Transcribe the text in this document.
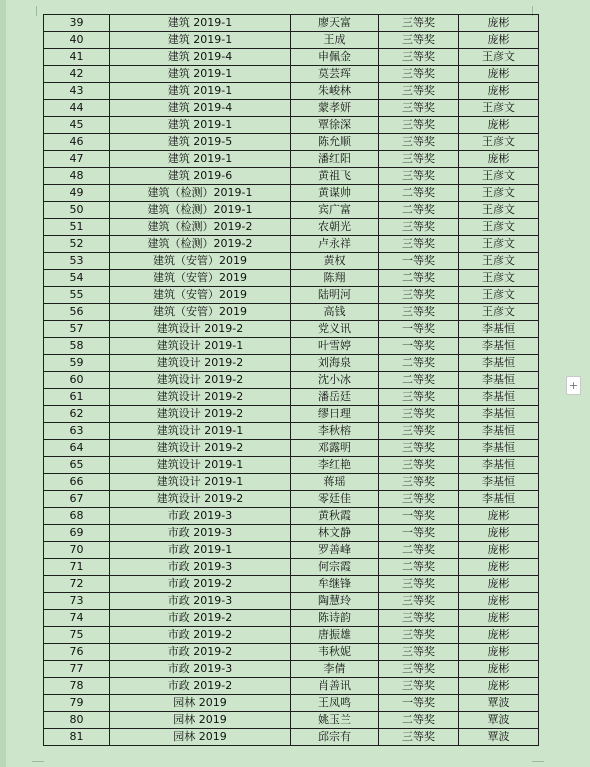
39	建筑 2019-1	廖天富	三等奖	庞彬
40	建筑 2019-1	王成	三等奖	庞彬
41	建筑 2019-4	申佩金	三等奖	王彦文
42	建筑 2019-1	莫芸珲	三等奖	庞彬
43	建筑 2019-1	朱峻林	三等奖	庞彬
44	建筑 2019-4	蒙孝妍	三等奖	王彦文
45	建筑 2019-1	覃徐深	三等奖	庞彬
46	建筑 2019-5	陈允顺	三等奖	王彦文
47	建筑 2019-1	潘红阳	三等奖	庞彬
48	建筑 2019-6	黄祖飞	三等奖	王彦文
49	建筑（检测）2019-1	黄谋帅	二等奖	王彦文
50	建筑（检测）2019-1	宾广富	二等奖	王彦文
51	建筑（检测）2019-2	农朝光	三等奖	王彦文
52	建筑（检测）2019-2	卢永祥	三等奖	王彦文
53	建筑（安管）2019	黄权	一等奖	王彦文
54	建筑（安管）2019	陈翔	二等奖	王彦文
55	建筑（安管）2019	陆明河	三等奖	王彦文
56	建筑（安管）2019	高钱	三等奖	王彦文
57	建筑设计 2019-2	党义讯	一等奖	李基恒
58	建筑设计 2019-1	叶雪婷	一等奖	李基恒
59	建筑设计 2019-2	刘海泉	二等奖	李基恒
60	建筑设计 2019-2	沈小冰	二等奖	李基恒
61	建筑设计 2019-2	潘岳廷	三等奖	李基恒
62	建筑设计 2019-2	缪日理	三等奖	李基恒
63	建筑设计 2019-1	李秋榕	三等奖	李基恒
64	建筑设计 2019-2	邓露明	三等奖	李基恒
65	建筑设计 2019-1	李红艳	三等奖	李基恒
66	建筑设计 2019-1	蒋瑶	三等奖	李基恒
67	建筑设计 2019-2	零廷佳	三等奖	李基恒
68	市政 2019-3	黄秋霞	一等奖	庞彬
69	市政 2019-3	林文静	一等奖	庞彬
70	市政 2019-1	罗善峰	二等奖	庞彬
71	市政 2019-3	何宗霞	二等奖	庞彬
72	市政 2019-2	牟继锋	三等奖	庞彬
73	市政 2019-3	陶慧玲	三等奖	庞彬
74	市政 2019-2	陈诗韵	三等奖	庞彬
75	市政 2019-2	唐振雄	三等奖	庞彬
76	市政 2019-2	韦秋妮	三等奖	庞彬
77	市政 2019-3	李倩	三等奖	庞彬
78	市政 2019-2	肖善讯	三等奖	庞彬
79	园林 2019	王凤鸣	一等奖	覃波
80	园林 2019	姚玉兰	二等奖	覃波
81	园林 2019	邱宗有	三等奖	覃波
+
